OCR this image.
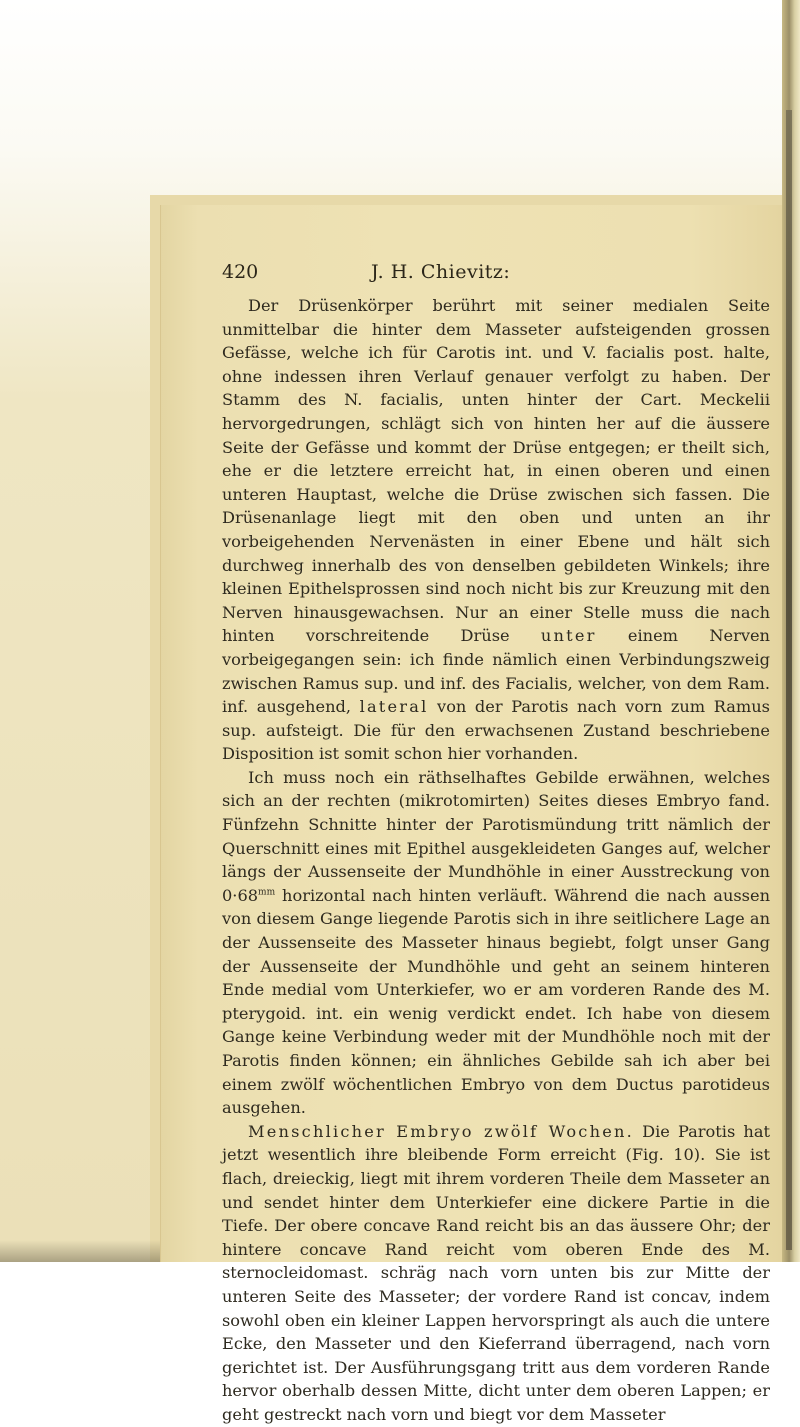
420	J. H. Chievitz:

Der Drüsenkörper berührt mit seiner medialen Seite unmittelbar die hinter dem Masseter aufsteigenden grossen Gefässe, welche ich für Carotis int. und V. facialis post. halte, ohne indessen ihren Verlauf genauer verfolgt zu haben. Der Stamm des N. facialis, unten hinter der Cart. Meckelii hervorgedrungen, schlägt sich von hinten her auf die äussere Seite der Gefässe und kommt der Drüse entgegen; er theilt sich, ehe er die letztere erreicht hat, in einen oberen und einen unteren Hauptast, welche die Drüse zwischen sich fassen. Die Drüsenanlage liegt mit den oben und unten an ihr vorbeigehenden Nervenästen in einer Ebene und hält sich durchweg innerhalb des von denselben gebildeten Winkels; ihre kleinen Epithelsprossen sind noch nicht bis zur Kreuzung mit den Nerven hinausgewachsen. Nur an einer Stelle muss die nach hinten vorschreitende Drüse unter einem Nerven vorbeigegangen sein: ich finde nämlich einen Verbindungszweig zwischen Ramus sup. und inf. des Facialis, welcher, von dem Ram. inf. ausgehend, lateral von der Parotis nach vorn zum Ramus sup. aufsteigt. Die für den erwachsenen Zustand beschriebene Disposition ist somit schon hier vorhanden.

Ich muss noch ein räthselhaftes Gebilde erwähnen, welches sich an der rechten (mikrotomirten) Seites dieses Embryo fand. Fünfzehn Schnitte hinter der Parotismündung tritt nämlich der Querschnitt eines mit Epithel ausgekleideten Ganges auf, welcher längs der Aussenseite der Mundhöhle in einer Ausstreckung von $0\cdot 68^{mm}$ horizontal nach hinten verläuft. Während die nach aussen von diesem Gange liegende Parotis sich in ihre seitlichere Lage an der Aussenseite des Masseter hinaus begiebt, folgt unser Gang der Aussenseite der Mundhöhle und geht an seinem hinteren Ende medial vom Unterkiefer, wo er am vorderen Rande des M. pterygoid. int. ein wenig verdickt endet. Ich habe von diesem Gange keine Verbindung weder mit der Mundhöhle noch mit der Parotis finden können; ein ähnliches Gebilde sah ich aber bei einem zwölf wöchentlichen Embryo von dem Ductus parotideus ausgehen.

Menschlicher Embryo zwölf Wochen. Die Parotis hat jetzt wesentlich ihre bleibende Form erreicht (Fig. 10). Sie ist flach, dreieckig, liegt mit ihrem vorderen Theile dem Masseter an und sendet hinter dem Unterkiefer eine dickere Partie in die Tiefe. Der obere concave Rand reicht bis an das äussere Ohr; der hintere concave Rand reicht vom oberen Ende des M. sternocleidomast. schräg nach vorn unten bis zur Mitte der unteren Seite des Masseter; der vordere Rand ist concav, indem sowohl oben ein kleiner Lappen hervorspringt als auch die untere Ecke, den Masseter und den Kieferrand überragend, nach vorn gerichtet ist. Der Ausführungsgang tritt aus dem vorderen Rande hervor oberhalb dessen Mitte, dicht unter dem oberen Lappen; er geht gestreckt nach vorn und biegt vor dem Masseter
